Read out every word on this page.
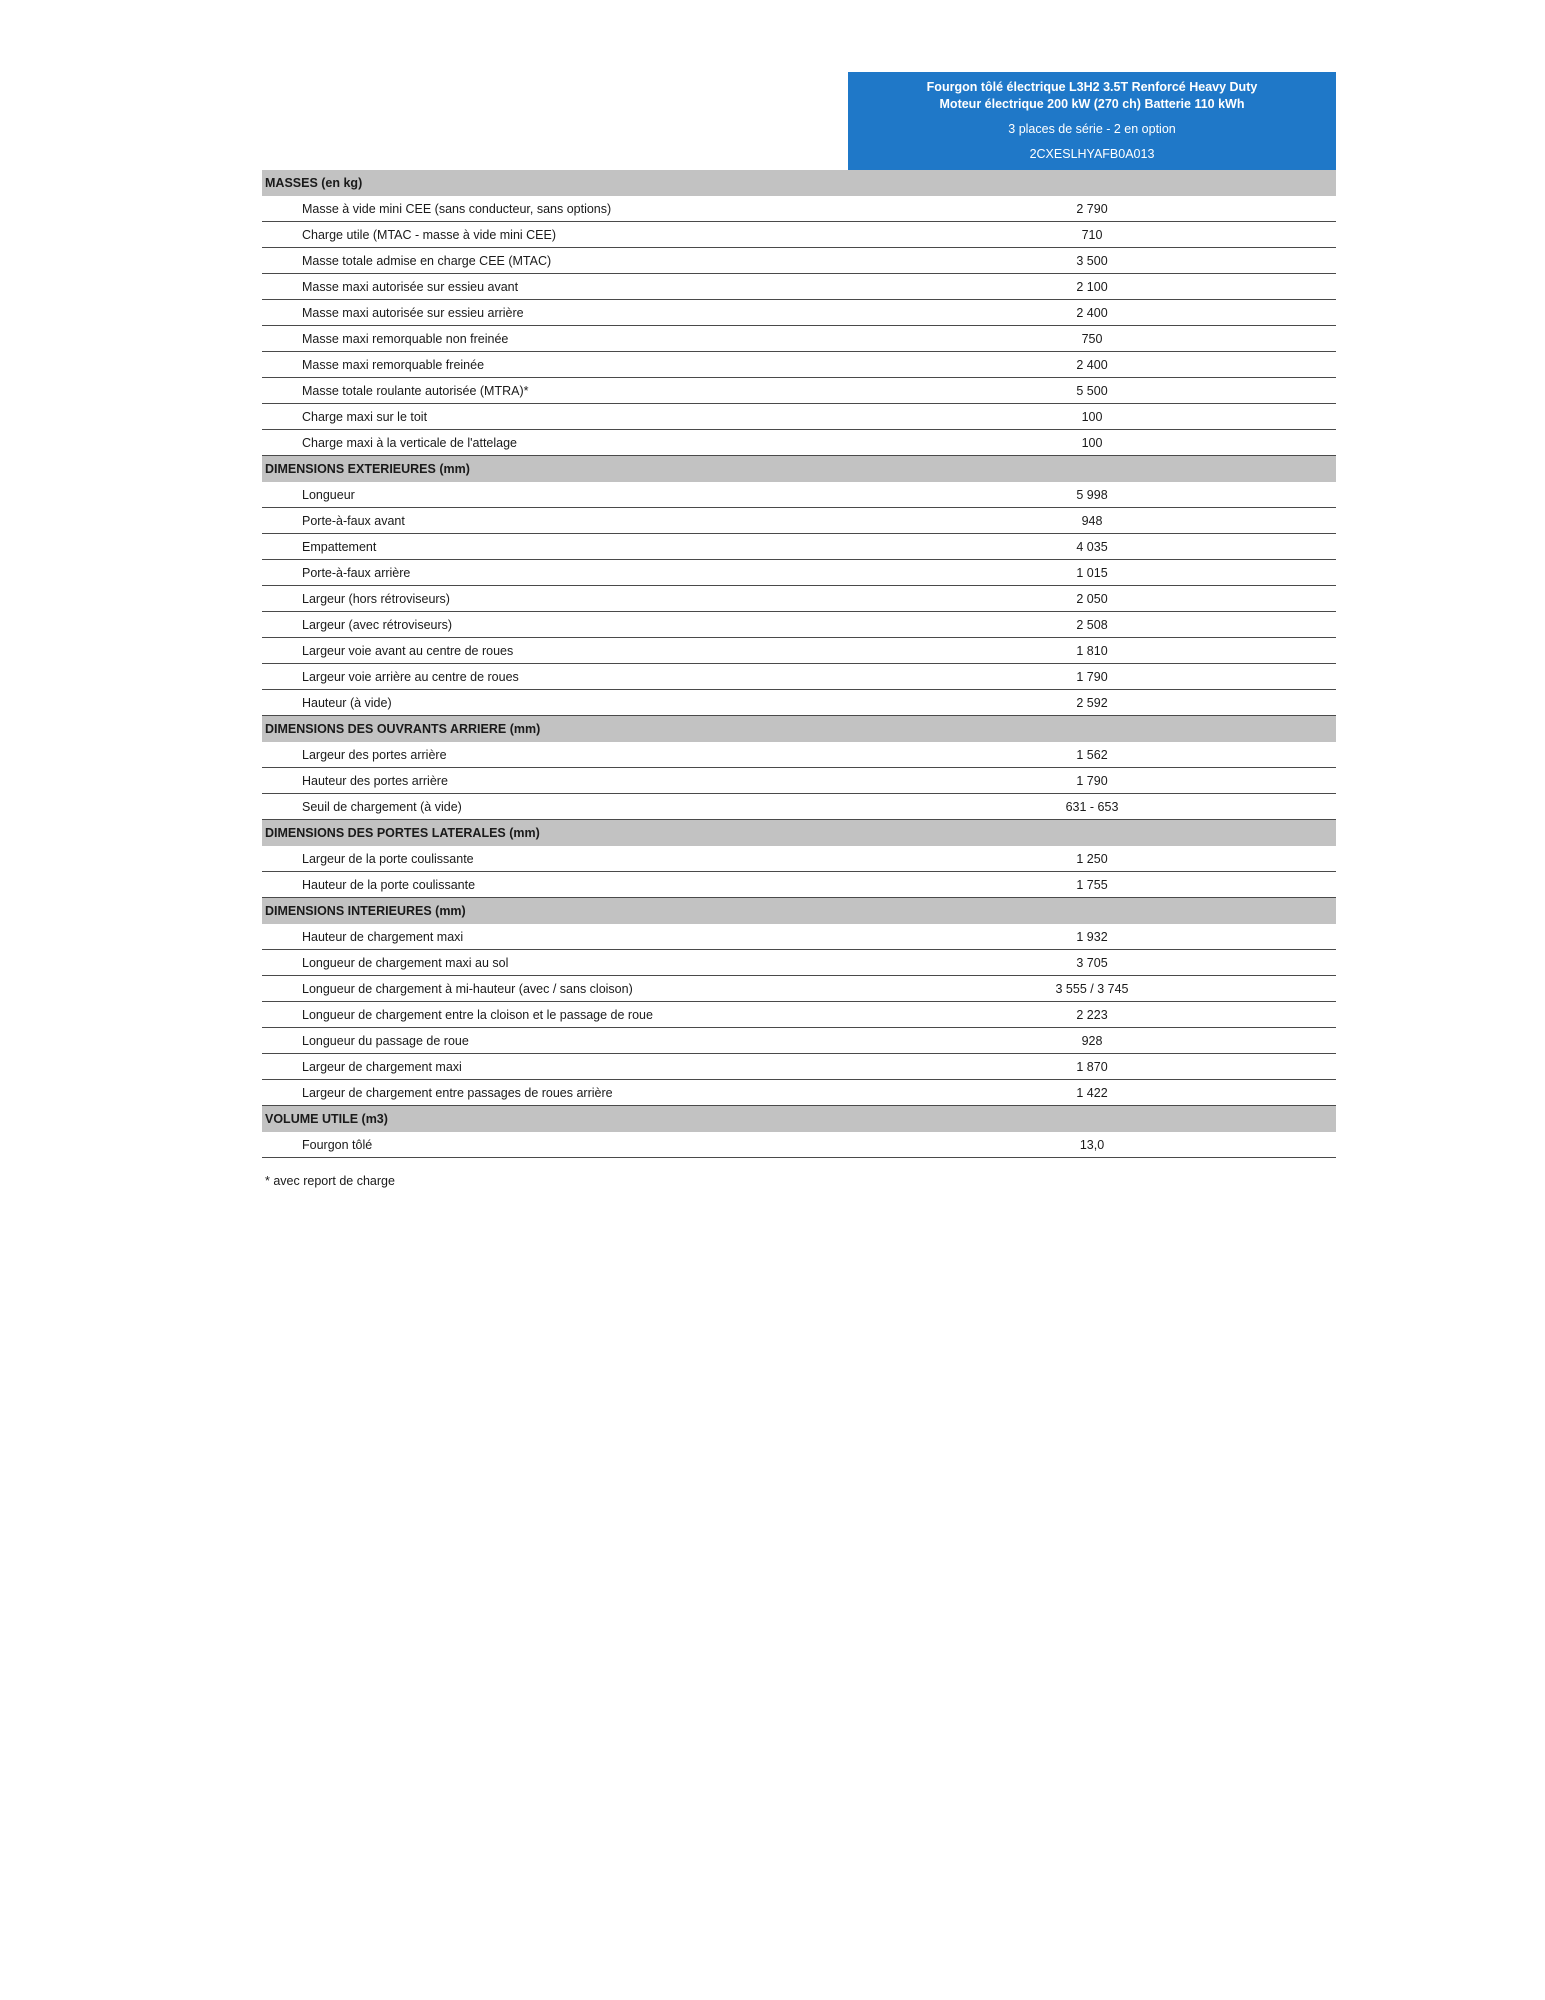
Fourgon tôlé électrique L3H2 3.5T Renforcé Heavy Duty
Moteur électrique 200 kW (270 ch) Batterie 110 kWh
3 places de série - 2 en option
2CXESLHYAFB0A013
MASSES (en kg)
Masse à vide mini CEE (sans conducteur, sans options)	2 790
Charge utile (MTAC - masse à vide mini CEE)	710
Masse totale admise en charge CEE (MTAC)	3 500
Masse maxi autorisée sur essieu avant	2 100
Masse maxi autorisée sur essieu arrière	2 400
Masse maxi remorquable non freinée	750
Masse maxi remorquable freinée	2 400
Masse totale roulante autorisée (MTRA)*	5 500
Charge maxi sur le toit	100
Charge maxi à la verticale de l'attelage	100
DIMENSIONS EXTERIEURES (mm)
Longueur	5 998
Porte-à-faux avant	948
Empattement	4 035
Porte-à-faux arrière	1 015
Largeur (hors rétroviseurs)	2 050
Largeur (avec rétroviseurs)	2 508
Largeur voie avant au centre de roues	1 810
Largeur voie arrière au centre de roues	1 790
Hauteur (à vide)	2 592
DIMENSIONS DES OUVRANTS ARRIERE (mm)
Largeur des portes arrière	1 562
Hauteur des portes arrière	1 790
Seuil de chargement (à vide)	631 - 653
DIMENSIONS DES PORTES LATERALES (mm)
Largeur de la porte coulissante	1 250
Hauteur de la porte coulissante	1 755
DIMENSIONS INTERIEURES (mm)
Hauteur de chargement maxi	1 932
Longueur de chargement maxi au sol	3 705
Longueur de chargement à mi-hauteur (avec / sans cloison)	3 555 / 3 745
Longueur de chargement entre la cloison et le passage de roue	2 223
Longueur du passage de roue	928
Largeur de chargement maxi	1 870
Largeur de chargement entre passages de roues arrière	1 422
VOLUME UTILE (m3)
Fourgon tôlé	13,0
* avec report de charge
